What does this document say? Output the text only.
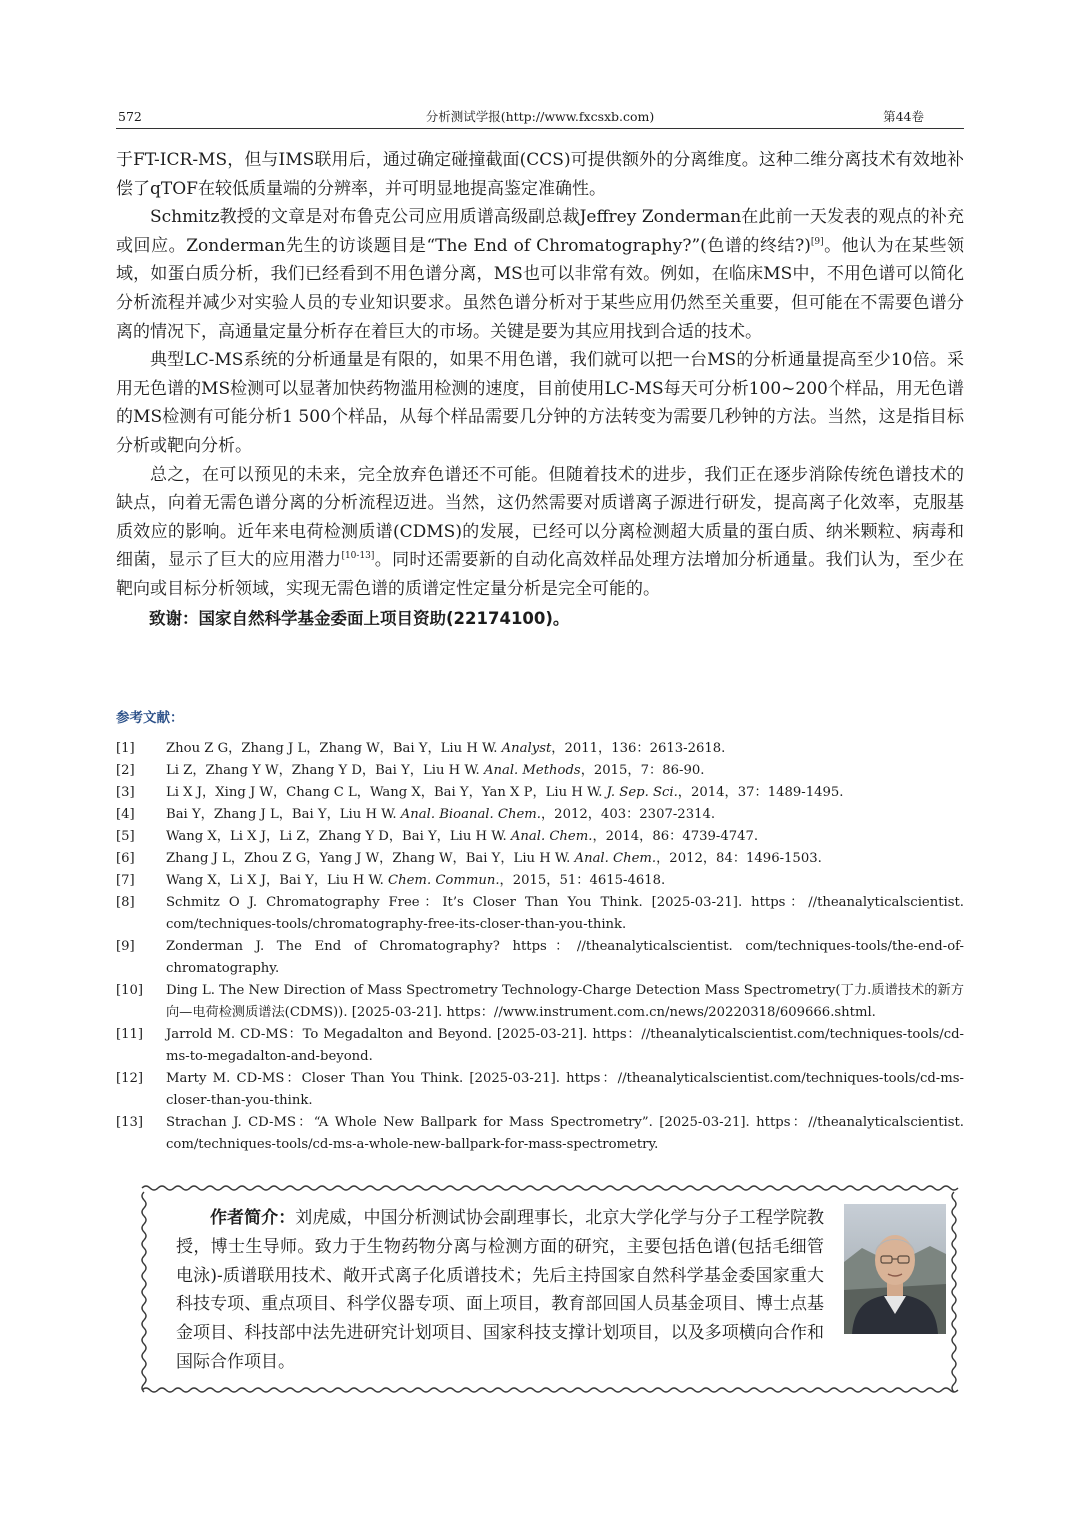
572	分析测试学报(http://www.fxcsxb.com)	第44卷

于FT-ICR-MS，但与IMS联用后，通过确定碰撞截面(CCS)可提供额外的分离维度。这种二维分离技术有效地补偿了qTOF在较低质量端的分辨率，并可明显地提高鉴定准确性。

Schmitz教授的文章是对布鲁克公司应用质谱高级副总裁Jeffrey Zonderman在此前一天发表的观点的补充或回应。Zonderman先生的访谈题目是“The End of Chromatography?”(色谱的终结?)[9]。他认为在某些领域，如蛋白质分析，我们已经看到不用色谱分离，MS也可以非常有效。例如，在临床MS中，不用色谱可以简化分析流程并减少对实验人员的专业知识要求。虽然色谱分析对于某些应用仍然至关重要，但可能在不需要色谱分离的情况下，高通量定量分析存在着巨大的市场。关键是要为其应用找到合适的技术。

典型LC-MS系统的分析通量是有限的，如果不用色谱，我们就可以把一台MS的分析通量提高至少10倍。采用无色谱的MS检测可以显著加快药物滥用检测的速度，目前使用LC-MS每天可分析100~200个样品，用无色谱的MS检测有可能分析1 500个样品，从每个样品需要几分钟的方法转变为需要几秒钟的方法。当然，这是指目标分析或靶向分析。

总之，在可以预见的未来，完全放弃色谱还不可能。但随着技术的进步，我们正在逐步消除传统色谱技术的缺点，向着无需色谱分离的分析流程迈进。当然，这仍然需要对质谱离子源进行研发，提高离子化效率，克服基质效应的影响。近年来电荷检测质谱(CDMS)的发展，已经可以分离检测超大质量的蛋白质、纳米颗粒、病毒和细菌，显示了巨大的应用潜力[10-13]。同时还需要新的自动化高效样品处理方法增加分析通量。我们认为，至少在靶向或目标分析领域，实现无需色谱的质谱定性定量分析是完全可能的。

致谢：国家自然科学基金委面上项目资助(22174100)。

参考文献：
[1] Zhou Z G，Zhang J L，Zhang W，Bai Y，Liu H W. Analyst，2011，136：2613-2618.
[2] Li Z，Zhang Y W，Zhang Y D，Bai Y，Liu H W. Anal. Methods，2015，7：86-90.
[3] Li X J，Xing J W，Chang C L，Wang X，Bai Y，Yan X P，Liu H W. J. Sep. Sci.，2014，37：1489-1495.
[4] Bai Y，Zhang J L，Bai Y，Liu H W. Anal. Bioanal. Chem.，2012，403：2307-2314.
[5] Wang X，Li X J，Li Z，Zhang Y D，Bai Y，Liu H W. Anal. Chem.，2014，86：4739-4747.
[6] Zhang J L，Zhou Z G，Yang J W，Zhang W，Bai Y，Liu H W. Anal. Chem.，2012，84：1496-1503.
[7] Wang X，Li X J，Bai Y，Liu H W. Chem. Commun.，2015，51：4615-4618.
[8] Schmitz O J. Chromatography Free：It’s Closer Than You Think. [2025-03-21]. https：//theanalyticalscientist. com/techniques-tools/chromatography-free-its-closer-than-you-think.
[9] Zonderman J. The End of Chromatography? https：//theanalyticalscientist. com/techniques-tools/the-end-of-chromatography.
[10] Ding L. The New Direction of Mass Spectrometry Technology-Charge Detection Mass Spectrometry(丁力.质谱技术的新方向—电荷检测质谱法(CDMS)). [2025-03-21]. https：//www.instrument.com.cn/news/20220318/609666.shtml.
[11] Jarrold M. CD-MS：To Megadalton and Beyond. [2025-03-21]. https：//theanalyticalscientist.com/techniques-tools/cd-ms-to-megadalton-and-beyond.
[12] Marty M. CD-MS：Closer Than You Think. [2025-03-21]. https：//theanalyticalscientist.com/techniques-tools/cd-ms-closer-than-you-think.
[13] Strachan J. CD-MS：“A Whole New Ballpark for Mass Spectrometry”. [2025-03-21]. https：//theanalyticalscientist. com/techniques-tools/cd-ms-a-whole-new-ballpark-for-mass-spectrometry.
作者简介：刘虎威，中国分析测试协会副理事长，北京大学化学与分子工程学院教授，博士生导师。致力于生物药物分离与检测方面的研究，主要包括色谱(包括毛细管电泳)-质谱联用技术、敞开式离子化质谱技术；先后主持国家自然科学基金委国家重大科技专项、重点项目、科学仪器专项、面上项目，教育部回国人员基金项目、博士点基金项目、科技部中法先进研究计划项目、国家科技支撑计划项目，以及多项横向合作和国际合作项目。
